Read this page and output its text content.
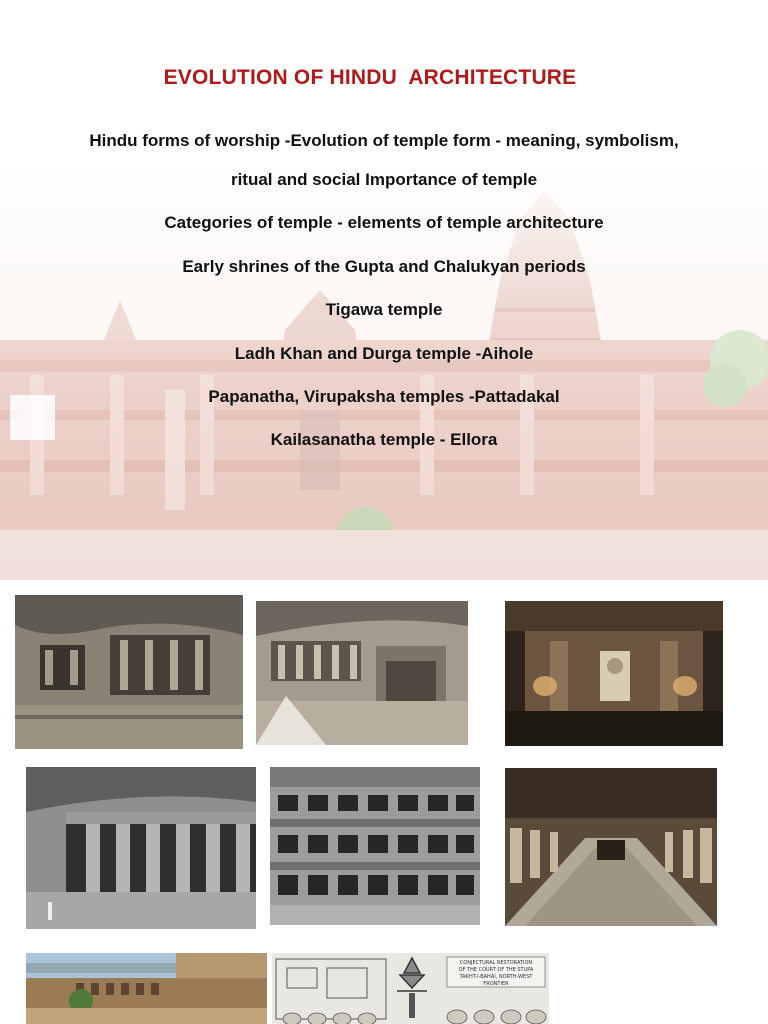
EVOLUTION OF HINDU  ARCHITECTURE
Hindu forms of worship -Evolution of temple form - meaning, symbolism,
ritual and social Importance of temple
Categories of temple - elements of temple architecture
Early shrines of the Gupta and Chalukyan periods
Tigawa temple
Ladh Khan and Durga temple -Aihole
Papanatha, Virupaksha temples -Pattadakal
Kailasanatha temple - Ellora
CONJECTURAL RESTORATION
OF THE COURT OF THE STUPA
TAKHT-I-BAHAI, NORTH-WEST
FRONTIER
